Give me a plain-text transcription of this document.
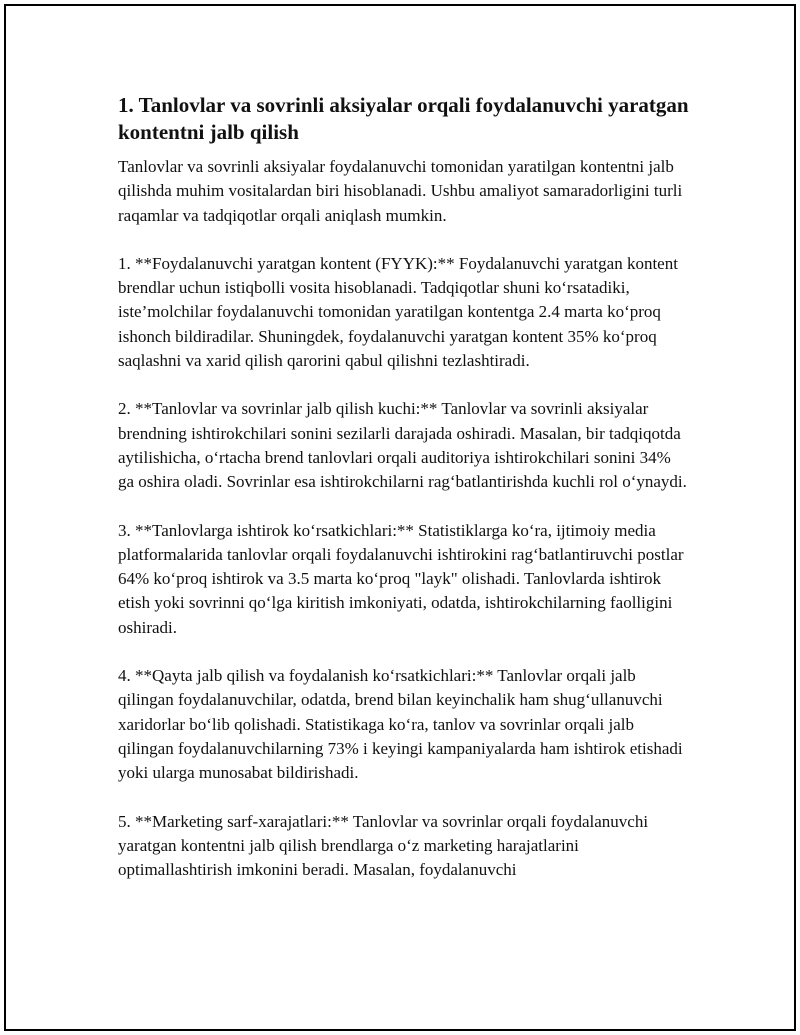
1. Tanlovlar va sovrinli aksiyalar orqali foydalanuvchi yaratgan kontentni jalb qilish

Tanlovlar va sovrinli aksiyalar foydalanuvchi tomonidan yaratilgan kontentni jalb qilishda muhim vositalardan biri hisoblanadi. Ushbu amaliyot samaradorligini turli raqamlar va tadqiqotlar orqali aniqlash mumkin.

1. **Foydalanuvchi yaratgan kontent (FYYK):** Foydalanuvchi yaratgan kontent brendlar uchun istiqbolli vosita hisoblanadi. Tadqiqotlar shuni ko‘rsatadiki, iste’molchilar foydalanuvchi tomonidan yaratilgan kontentga 2.4 marta ko‘proq ishonch bildiradilar. Shuningdek, foydalanuvchi yaratgan kontent 35% ko‘proq saqlashni va xarid qilish qarorini qabul qilishni tezlashtiradi.

2. **Tanlovlar va sovrinlar jalb qilish kuchi:** Tanlovlar va sovrinli aksiyalar brendning ishtirokchilari sonini sezilarli darajada oshiradi. Masalan, bir tadqiqotda aytilishicha, o‘rtacha brend tanlovlari orqali auditoriya ishtirokchilari sonini 34% ga oshira oladi. Sovrinlar esa ishtirokchilarni rag‘batlantirishda kuchli rol o‘ynaydi.

3. **Tanlovlarga ishtirok ko‘rsatkichlari:** Statistiklarga ko‘ra, ijtimoiy media platformalarida tanlovlar orqali foydalanuvchi ishtirokini rag‘batlantiruvchi postlar 64% ko‘proq ishtirok va 3.5 marta ko‘proq "layk" olishadi. Tanlovlarda ishtirok etish yoki sovrinni qo‘lga kiritish imkoniyati, odatda, ishtirokchilarning faolligini oshiradi.

4. **Qayta jalb qilish va foydalanish ko‘rsatkichlari:** Tanlovlar orqali jalb qilingan foydalanuvchilar, odatda, brend bilan keyinchalik ham shug‘ullanuvchi xaridorlar bo‘lib qolishadi. Statistikaga ko‘ra, tanlov va sovrinlar orqali jalb qilingan foydalanuvchilarning 73% i keyingi kampaniyalarda ham ishtirok etishadi yoki ularga munosabat bildirishadi.

5. **Marketing sarf-xarajatlari:** Tanlovlar va sovrinlar orqali foydalanuvchi yaratgan kontentni jalb qilish brendlarga o‘z marketing harajatlarini optimallashtirish imkonini beradi. Masalan, foydalanuvchi
